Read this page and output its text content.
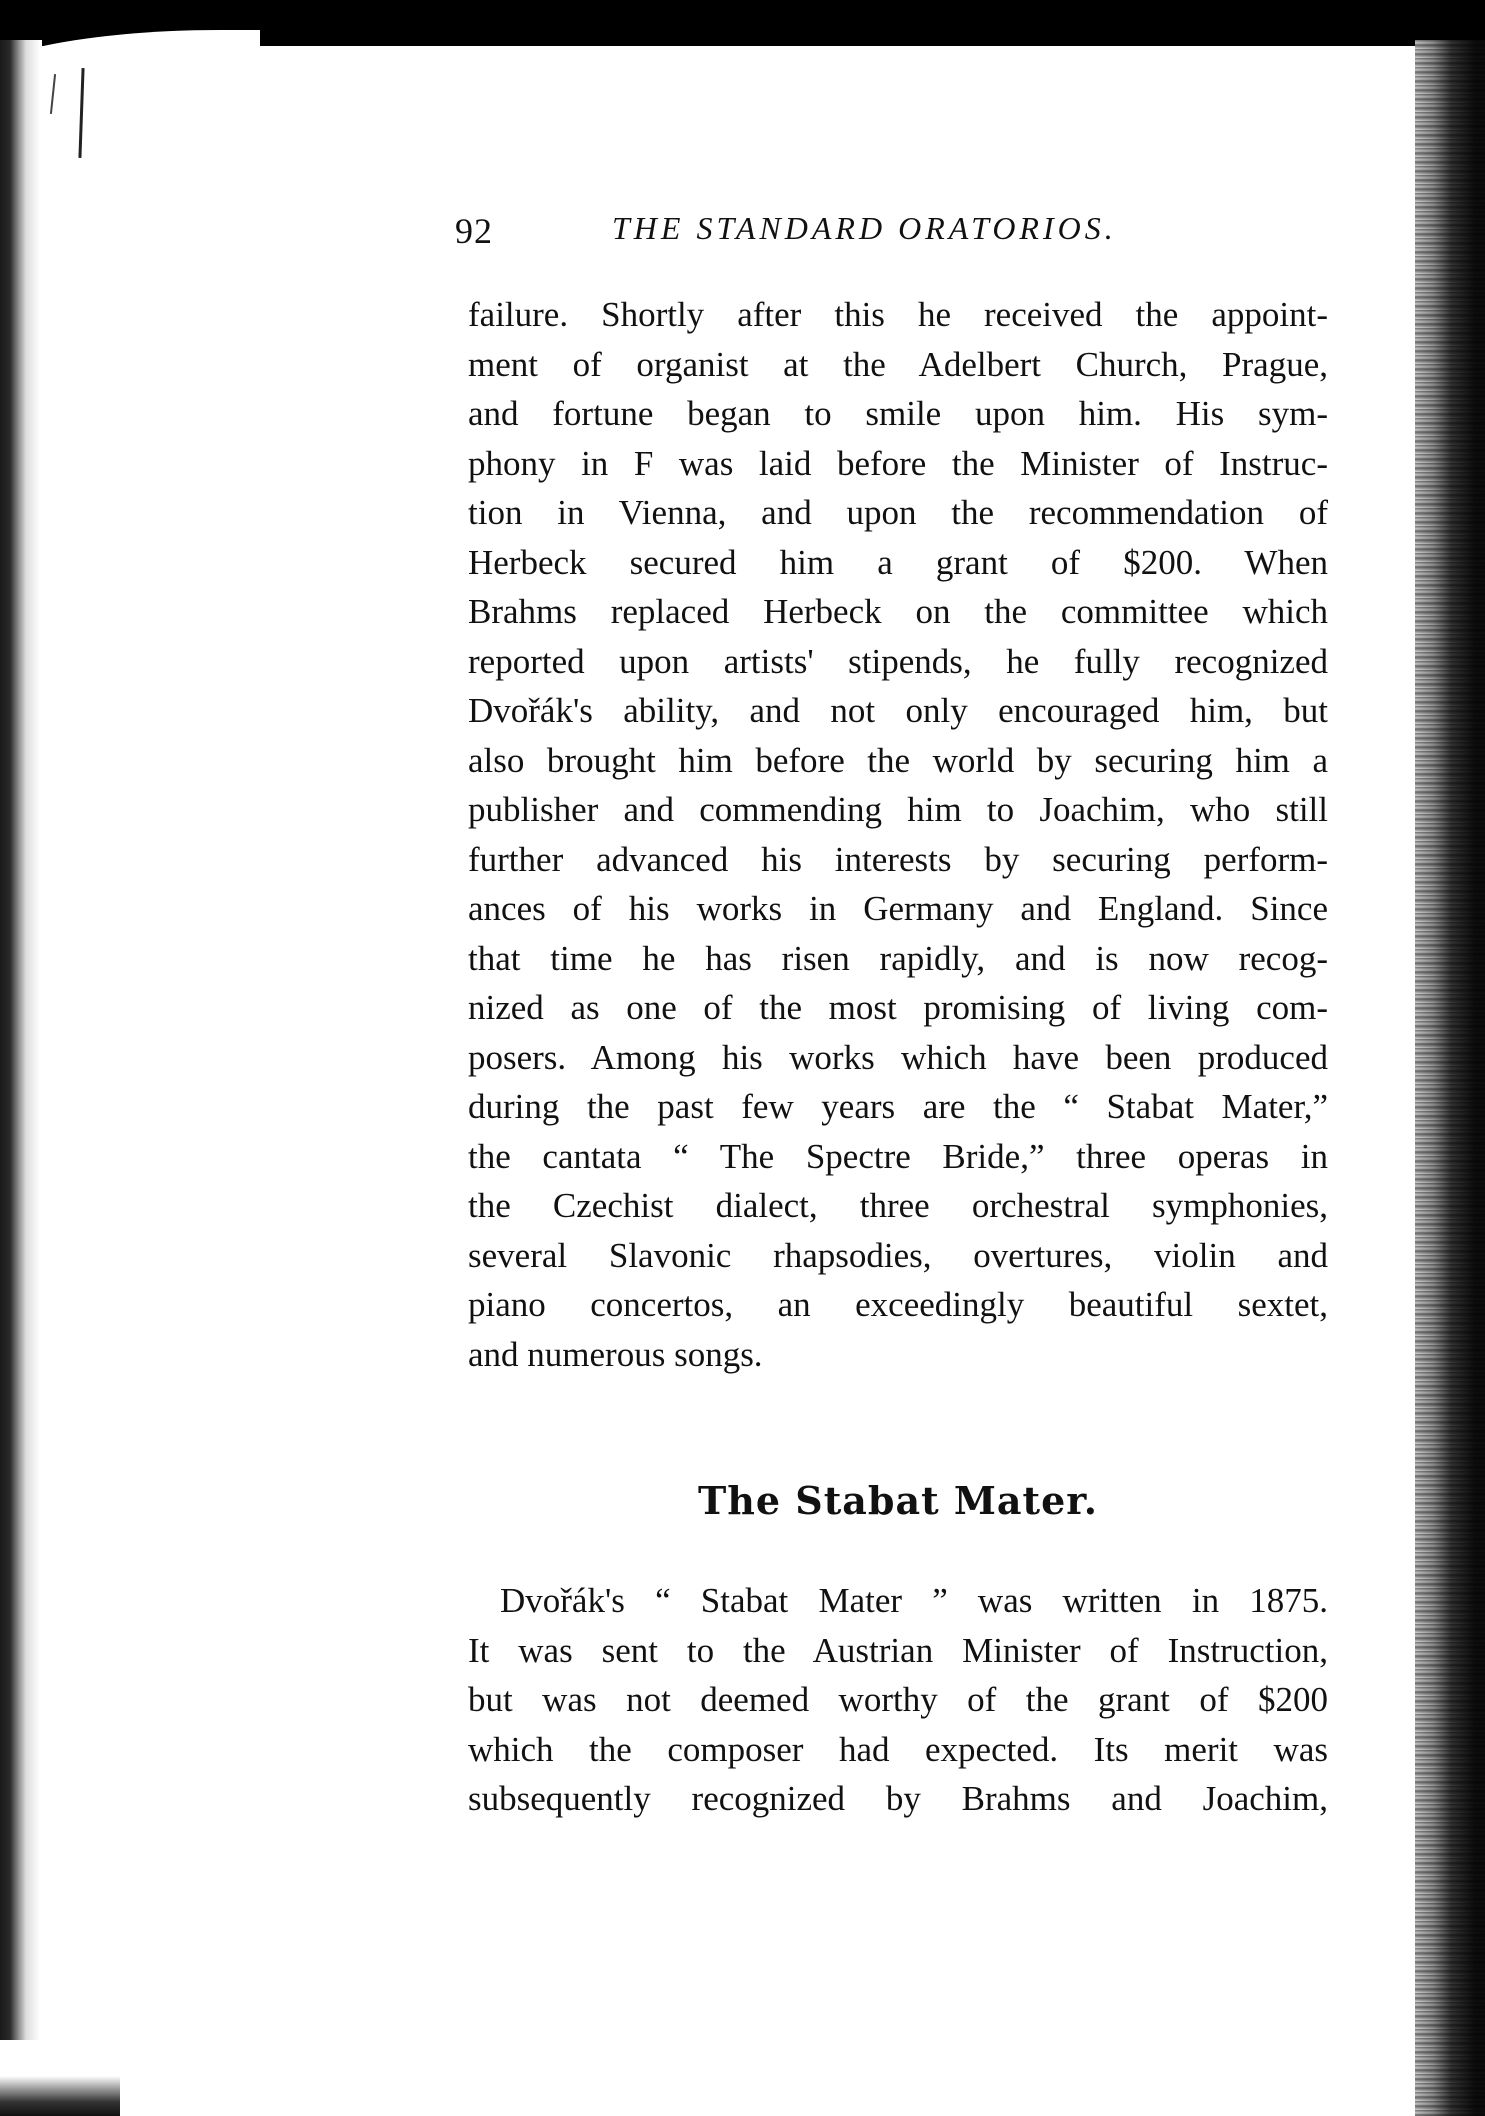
92	THE STANDARD ORATORIOS.
failure. Shortly after this he received the appoint-
ment of organist at the Adelbert Church, Prague,
and fortune began to smile upon him. His sym-
phony in F was laid before the Minister of Instruc-
tion in Vienna, and upon the recommendation of
Herbeck secured him a grant of $200. When
Brahms replaced Herbeck on the committee which
reported upon artists' stipends, he fully recognized
Dvořák's ability, and not only encouraged him, but
also brought him before the world by securing him a
publisher and commending him to Joachim, who still
further advanced his interests by securing perform-
ances of his works in Germany and England. Since
that time he has risen rapidly, and is now recog-
nized as one of the most promising of living com-
posers. Among his works which have been produced
during the past few years are the “ Stabat Mater,”
the cantata “ The Spectre Bride,” three operas in
the Czechist dialect, three orchestral symphonies,
several Slavonic rhapsodies, overtures, violin and
piano concertos, an exceedingly beautiful sextet,
and numerous songs.
The Stabat Mater.
Dvořák's “ Stabat Mater ” was written in 1875.
It was sent to the Austrian Minister of Instruction,
but was not deemed worthy of the grant of $200
which the composer had expected. Its merit was
subsequently recognized by Brahms and Joachim,
